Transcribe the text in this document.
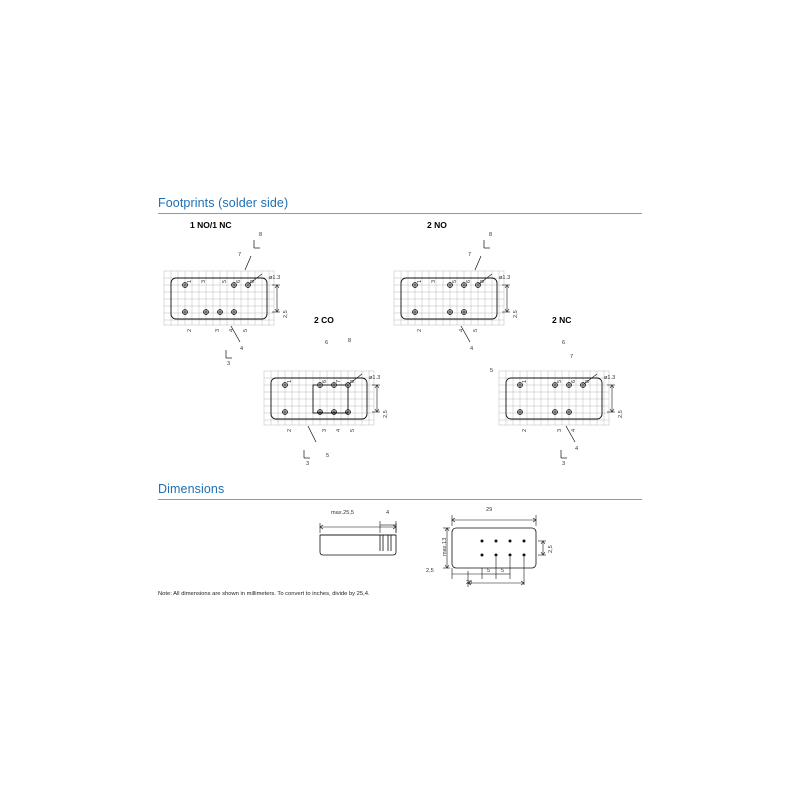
Footprints (solder side)
1 NO/1 NC
ø1.3
2,5
8
7
4
3
1 3	5 6 8
2	3 4 5
2 NO
ø1.3
2,5
8
7
4
5
1 3	5 6 8
2	4 5
2 CO
ø1.3
2,5
6	8
3
5
1	6 7 8
2	3 4 5
2 NC
ø1.3
2,5
6
7
4
3
1	5 6 8
2	3 4
Dimensions
max.25,5	4	29
max.13	2,5
2,5	5 5
20
Note: All dimensions are shown in millimeters. To convert to inches, divide by 25,4.
